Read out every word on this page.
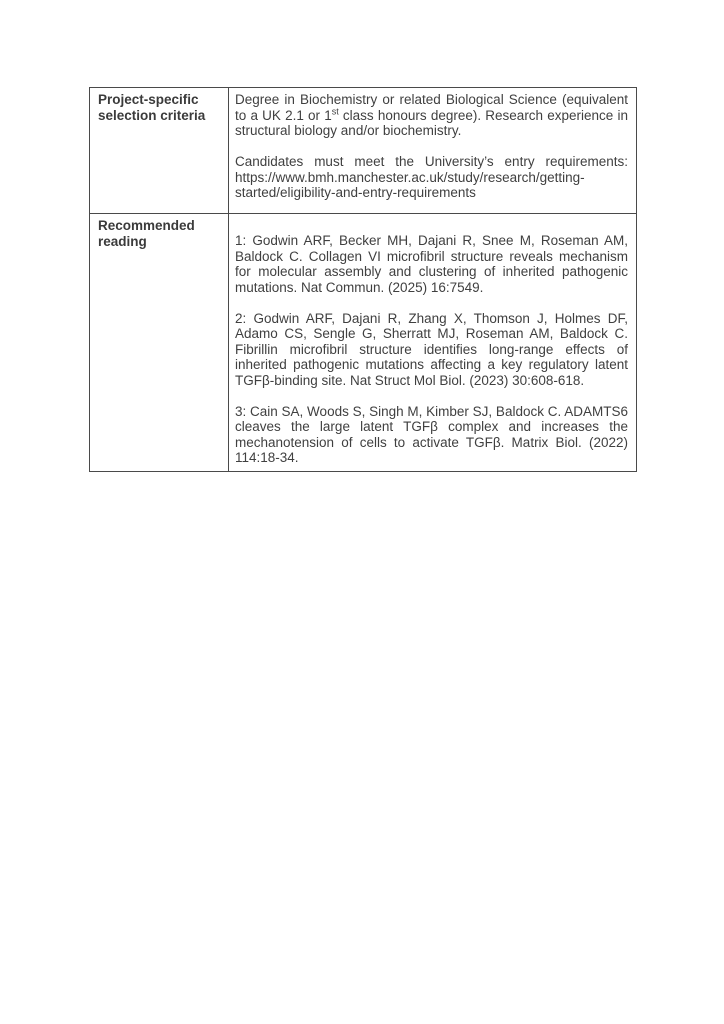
Project-specific selection criteria	Degree in Biochemistry or related Biological Science (equivalent to a UK 2.1 or 1st class honours degree). Research experience in structural biology and/or biochemistry.

Candidates must meet the University’s entry requirements: https://www.bmh.manchester.ac.uk/study/research/getting-started/eligibility-and-entry-requirements

Recommended reading	1: Godwin ARF, Becker MH, Dajani R, Snee M, Roseman AM, Baldock C. Collagen VI microfibril structure reveals mechanism for molecular assembly and clustering of inherited pathogenic mutations. Nat Commun. (2025) 16:7549.

2: Godwin ARF, Dajani R, Zhang X, Thomson J, Holmes DF, Adamo CS, Sengle G, Sherratt MJ, Roseman AM, Baldock C. Fibrillin microfibril structure identifies long-range effects of inherited pathogenic mutations affecting a key regulatory latent TGFβ-binding site. Nat Struct Mol Biol. (2023) 30:608-618.

3: Cain SA, Woods S, Singh M, Kimber SJ, Baldock C. ADAMTS6 cleaves the large latent TGFβ complex and increases the mechanotension of cells to activate TGFβ. Matrix Biol. (2022) 114:18-34.
